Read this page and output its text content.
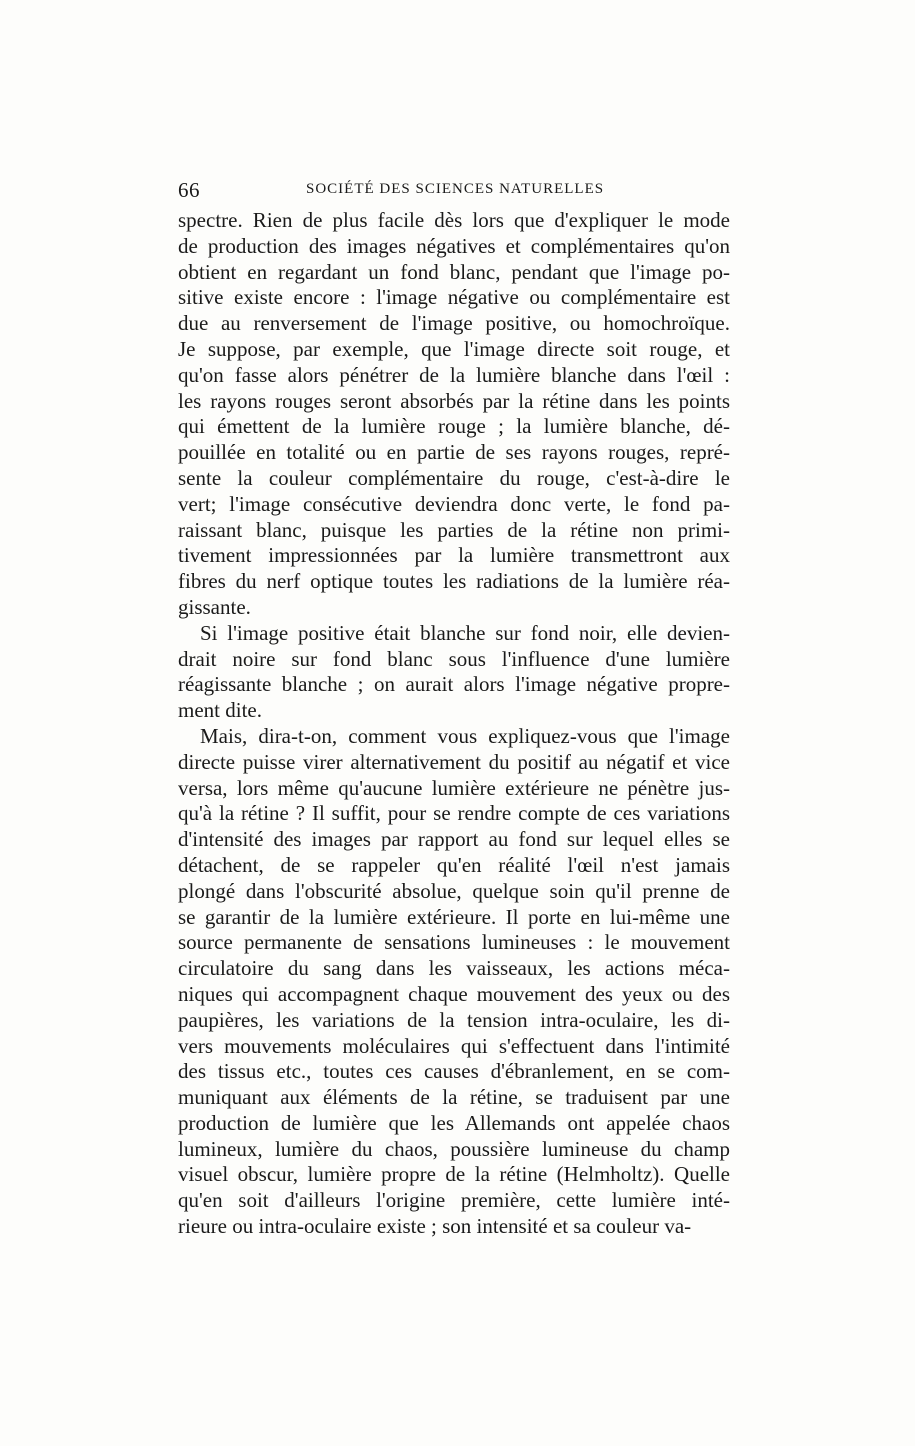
66	SOCIÉTÉ DES SCIENCES NATURELLES

spectre. Rien de plus facile dès lors que d'expliquer le mode
de production des images négatives et complémentaires qu'on
obtient en regardant un fond blanc, pendant que l'image po-
sitive existe encore : l'image négative ou complémentaire est
due au renversement de l'image positive, ou homochroïque.
Je suppose, par exemple, que l'image directe soit rouge, et
qu'on fasse alors pénétrer de la lumière blanche dans l'œil :
les rayons rouges seront absorbés par la rétine dans les points
qui émettent de la lumière rouge ; la lumière blanche, dé-
pouillée en totalité ou en partie de ses rayons rouges, repré-
sente la couleur complémentaire du rouge, c'est-à-dire le
vert; l'image consécutive deviendra donc verte, le fond pa-
raissant blanc, puisque les parties de la rétine non primi-
tivement impressionnées par la lumière transmettront aux
fibres du nerf optique toutes les radiations de la lumière réa-
gissante.

Si l'image positive était blanche sur fond noir, elle devien-
drait noire sur fond blanc sous l'influence d'une lumière
réagissante blanche ; on aurait alors l'image négative propre-
ment dite.

Mais, dira-t-on, comment vous expliquez-vous que l'image
directe puisse virer alternativement du positif au négatif et vice
versa, lors même qu'aucune lumière extérieure ne pénètre jus-
qu'à la rétine ? Il suffit, pour se rendre compte de ces variations
d'intensité des images par rapport au fond sur lequel elles se
détachent, de se rappeler qu'en réalité l'œil n'est jamais
plongé dans l'obscurité absolue, quelque soin qu'il prenne de
se garantir de la lumière extérieure. Il porte en lui-même une
source permanente de sensations lumineuses : le mouvement
circulatoire du sang dans les vaisseaux, les actions méca-
niques qui accompagnent chaque mouvement des yeux ou des
paupières, les variations de la tension intra-oculaire, les di-
vers mouvements moléculaires qui s'effectuent dans l'intimité
des tissus etc., toutes ces causes d'ébranlement, en se com-
muniquant aux éléments de la rétine, se traduisent par une
production de lumière que les Allemands ont appelée chaos
lumineux, lumière du chaos, poussière lumineuse du champ
visuel obscur, lumière propre de la rétine (Helmholtz). Quelle
qu'en soit d'ailleurs l'origine première, cette lumière inté-
rieure ou intra-oculaire existe ; son intensité et sa couleur va-
